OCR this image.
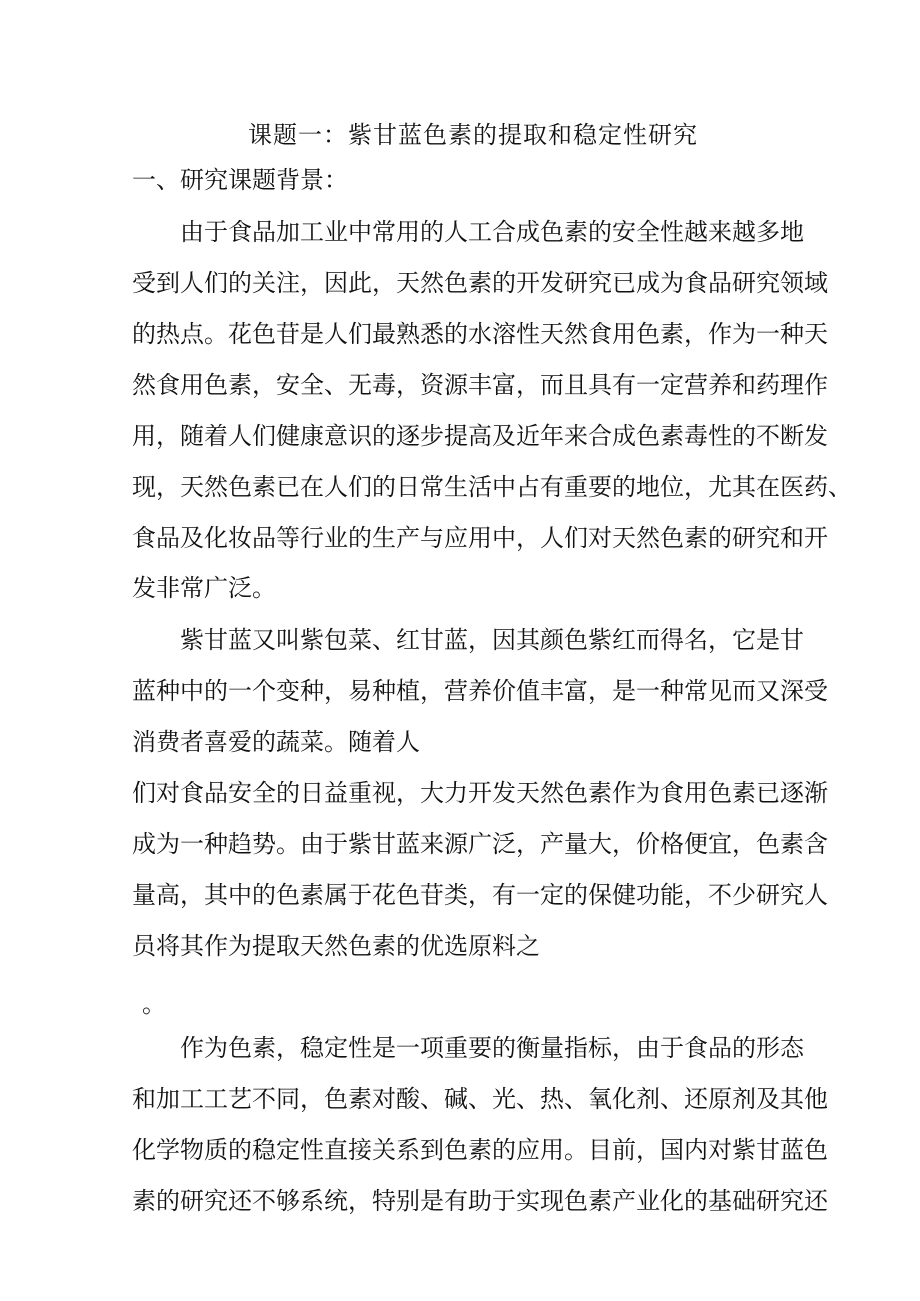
课题一：紫甘蓝色素的提取和稳定性研究
一、研究课题背景：
由于食品加工业中常用的人工合成色素的安全性越来越多地
受到人们的关注，因此，天然色素的开发研究已成为食品研究领域
的热点。花色苷是人们最熟悉的水溶性天然食用色素，作为一种天
然食用色素，安全、无毒，资源丰富，而且具有一定营养和药理作
用，随着人们健康意识的逐步提高及近年来合成色素毒性的不断发
现，天然色素已在人们的日常生活中占有重要的地位，尤其在医药、
食品及化妆品等行业的生产与应用中，人们对天然色素的研究和开
发非常广泛。
紫甘蓝又叫紫包菜、红甘蓝，因其颜色紫红而得名，它是甘
蓝种中的一个变种，易种植，营养价值丰富，是一种常见而又深受
消费者喜爱的蔬菜。随着人
们对食品安全的日益重视，大力开发天然色素作为食用色素已逐渐
成为一种趋势。由于紫甘蓝来源广泛，产量大，价格便宜，色素含
量高，其中的色素属于花色苷类，有一定的保健功能，不少研究人
员将其作为提取天然色素的优选原料之
。
作为色素，稳定性是一项重要的衡量指标，由于食品的形态
和加工工艺不同，色素对酸、碱、光、热、氧化剂、还原剂及其他
化学物质的稳定性直接关系到色素的应用。目前，国内对紫甘蓝色
素的研究还不够系统，特别是有助于实现色素产业化的基础研究还
